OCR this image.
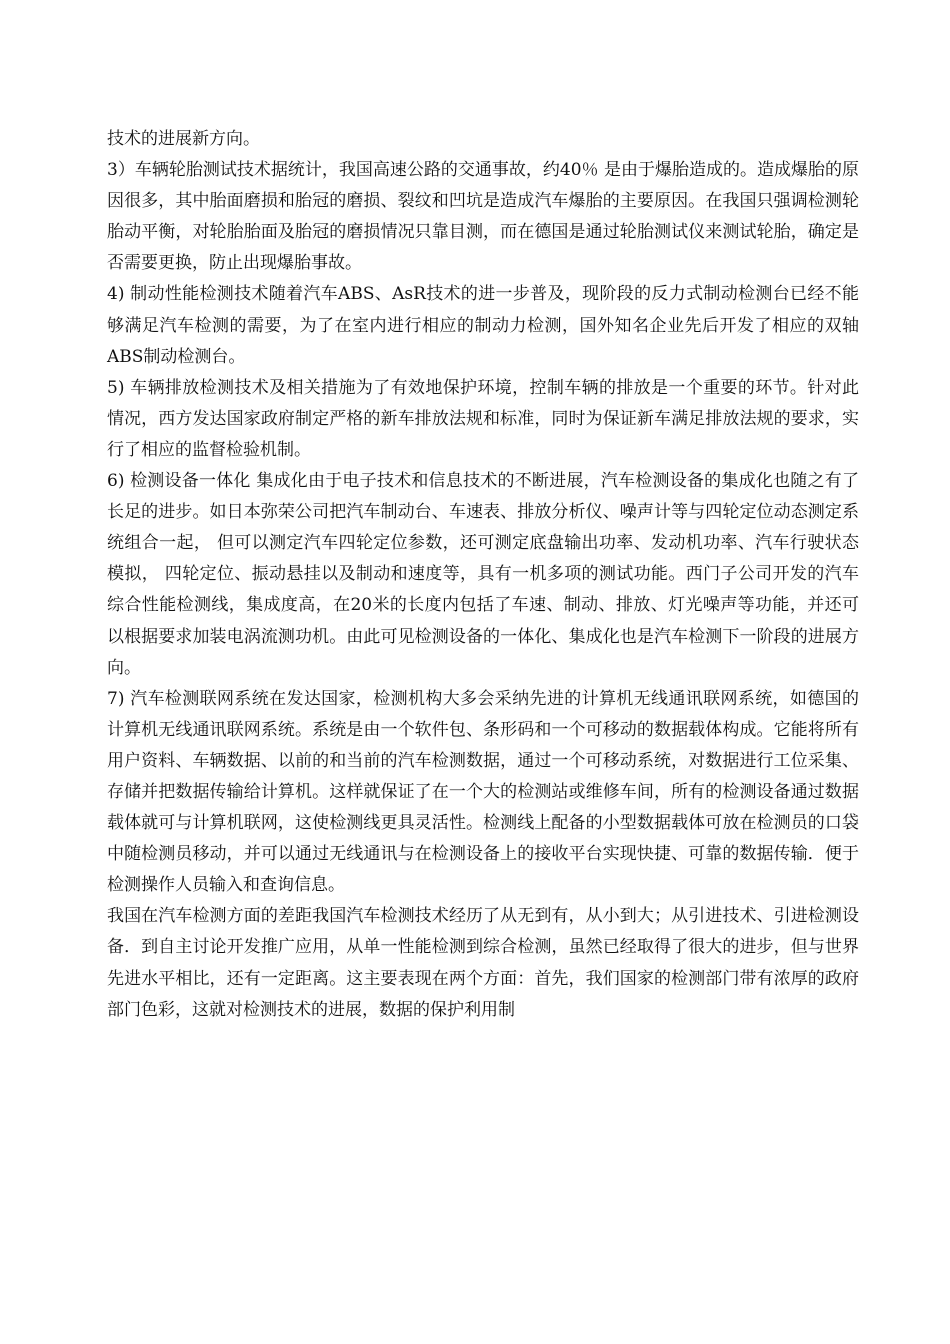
技术的进展新方向。

3）车辆轮胎测试技术据统计，我国高速公路的交通事故，约40％ 是由于爆胎造成的。造成爆胎的原因很多，其中胎面磨损和胎冠的磨损、裂纹和凹坑是造成汽车爆胎的主要原因。在我国只强调检测轮胎动平衡，对轮胎胎面及胎冠的磨损情况只靠目测，而在德国是通过轮胎测试仪来测试轮胎，确定是否需要更换，防止出现爆胎事故。

4) 制动性能检测技术随着汽车ABS、AsR技术的进一步普及，现阶段的反力式制动检测台已经不能够满足汽车检测的需要，为了在室内进行相应的制动力检测，国外知名企业先后开发了相应的双轴ABS制动检测台。

5) 车辆排放检测技术及相关措施为了有效地保护环境，控制车辆的排放是一个重要的环节。针对此情况，西方发达国家政府制定严格的新车排放法规和标准，同时为保证新车满足排放法规的要求，实行了相应的监督检验机制。

6) 检测设备一体化 集成化由于电子技术和信息技术的不断进展，汽车检测设备的集成化也随之有了长足的进步。如日本弥荣公司把汽车制动台、车速表、排放分析仪、噪声计等与四轮定位动态测定系统组合一起， 但可以测定汽车四轮定位参数，还可测定底盘输出功率、发动机功率、汽车行驶状态模拟， 四轮定位、振动悬挂以及制动和速度等，具有一机多项的测试功能。西门子公司开发的汽车综合性能检测线，集成度高，在20米的长度内包括了车速、制动、排放、灯光噪声等功能，并还可以根据要求加装电涡流测功机。由此可见检测设备的一体化、集成化也是汽车检测下一阶段的进展方向。

7) 汽车检测联网系统在发达国家，检测机构大多会采纳先进的计算机无线通讯联网系统，如德国的计算机无线通讯联网系统。系统是由一个软件包、条形码和一个可移动的数据载体构成。它能将所有用户资料、车辆数据、以前的和当前的汽车检测数据，通过一个可移动系统，对数据进行工位采集、存储并把数据传输给计算机。这样就保证了在一个大的检测站或维修车间，所有的检测设备通过数据载体就可与计算机联网，这使检测线更具灵活性。检测线上配备的小型数据载体可放在检测员的口袋中随检测员移动，并可以通过无线通讯与在检测设备上的接收平台实现快捷、可靠的数据传输．便于检测操作人员输入和查询信息。

我国在汽车检测方面的差距我国汽车检测技术经历了从无到有，从小到大；从引进技术、引进检测设备．到自主讨论开发推广应用，从单一性能检测到综合检测，虽然已经取得了很大的进步，但与世界先进水平相比，还有一定距离。这主要表现在两个方面：首先，我们国家的检测部门带有浓厚的政府部门色彩，这就对检测技术的进展，数据的保护利用制
